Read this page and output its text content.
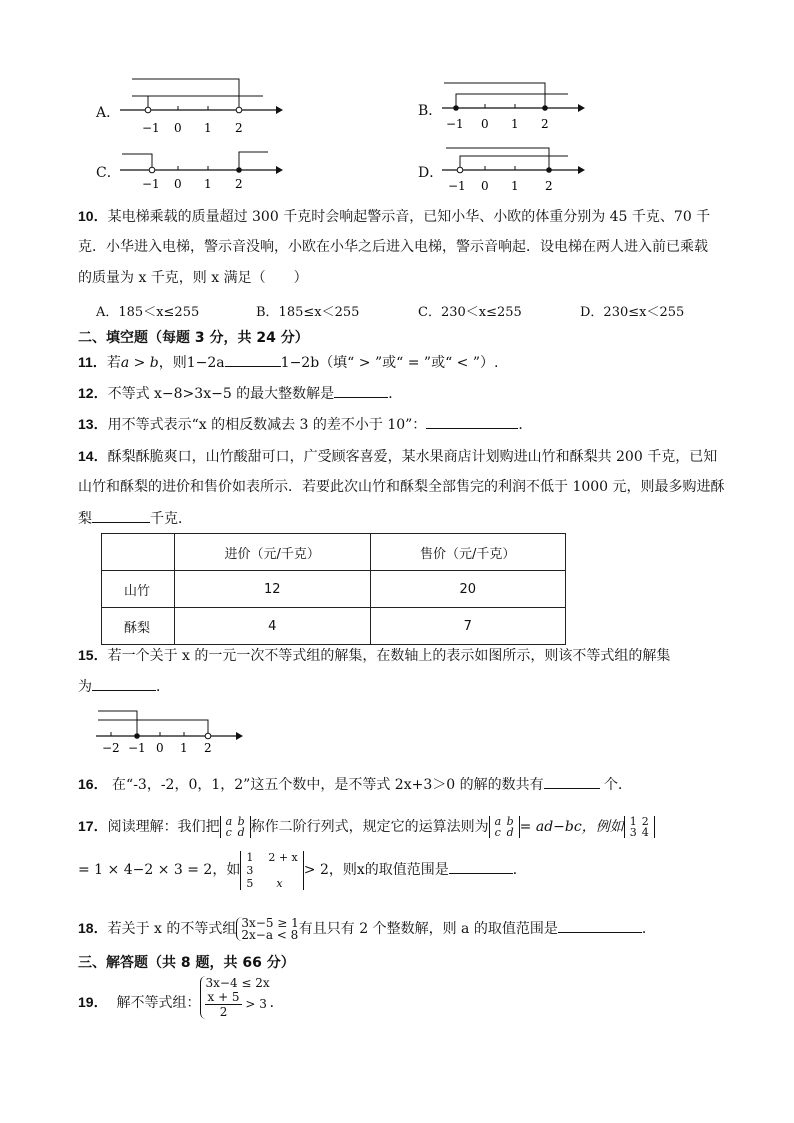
A．
−1 0 1 2
B．
−1 0 1 2
C．
−1 0 1 2
D．
−1 0 1 2
10．某电梯乘载的质量超过 300 千克时会响起警示音，已知小华、小欧的体重分别为 45 千克、70 千
克．小华进入电梯，警示音没响，小欧在小华之后进入电梯，警示音响起．设电梯在两人进入前已乘载
的质量为 x 千克，则 x 满足（　　）
A．185＜x≤255	B．185≤x＜255	C．230＜x≤255	D．230≤x＜255
二、填空题（每题 3 分，共 24 分）
11．若a > b，则1−2a	1−2b（填“ > ”或“ = ”或“ < ”）.
12．不等式 x−8>3x−5 的最大整数解是	．
13．用不等式表示“x 的相反数减去 3 的差不小于 10”：	．
14．酥梨酥脆爽口，山竹酸甜可口，广受顾客喜爱，某水果商店计划购进山竹和酥梨共 200 千克，已知
山竹和酥梨的进价和售价如表所示．若要此次山竹和酥梨全部售完的利润不低于 1000 元，则最多购进酥
梨	千克．
	进价（元/千克）	售价（元/千克）
山竹	12	20
酥梨	4	7
15．若一个关于 x 的一元一次不等式组的解集，在数轴上的表示如图所示，则该不等式组的解集
为	．
−2 −1 0 1 2
16． 在“-3，-2，0，1，2”这五个数中，是不等式 2x+3＞0 的解的数共有	个．
17．阅读理解：我们把 a b
c d 称作二阶行列式，规定它的运算法则为 a b
c d = ad−bc，例如 1 2
3 4
= 1 × 4−2 × 3 = 2，如1 2 + x
3
5 x> 2，则x的取值范围是	．
18．若关于 x 的不等式组 3x−5 ≥ 1
2x−a < 8有且只有 2 个整数解，则 a 的取值范围是	．
三、解答题（共 8 题，共 66 分）
19． 解不等式组：3x−4 ≤ 2x

$\frac{x + 5}{2} > 3$ ．
